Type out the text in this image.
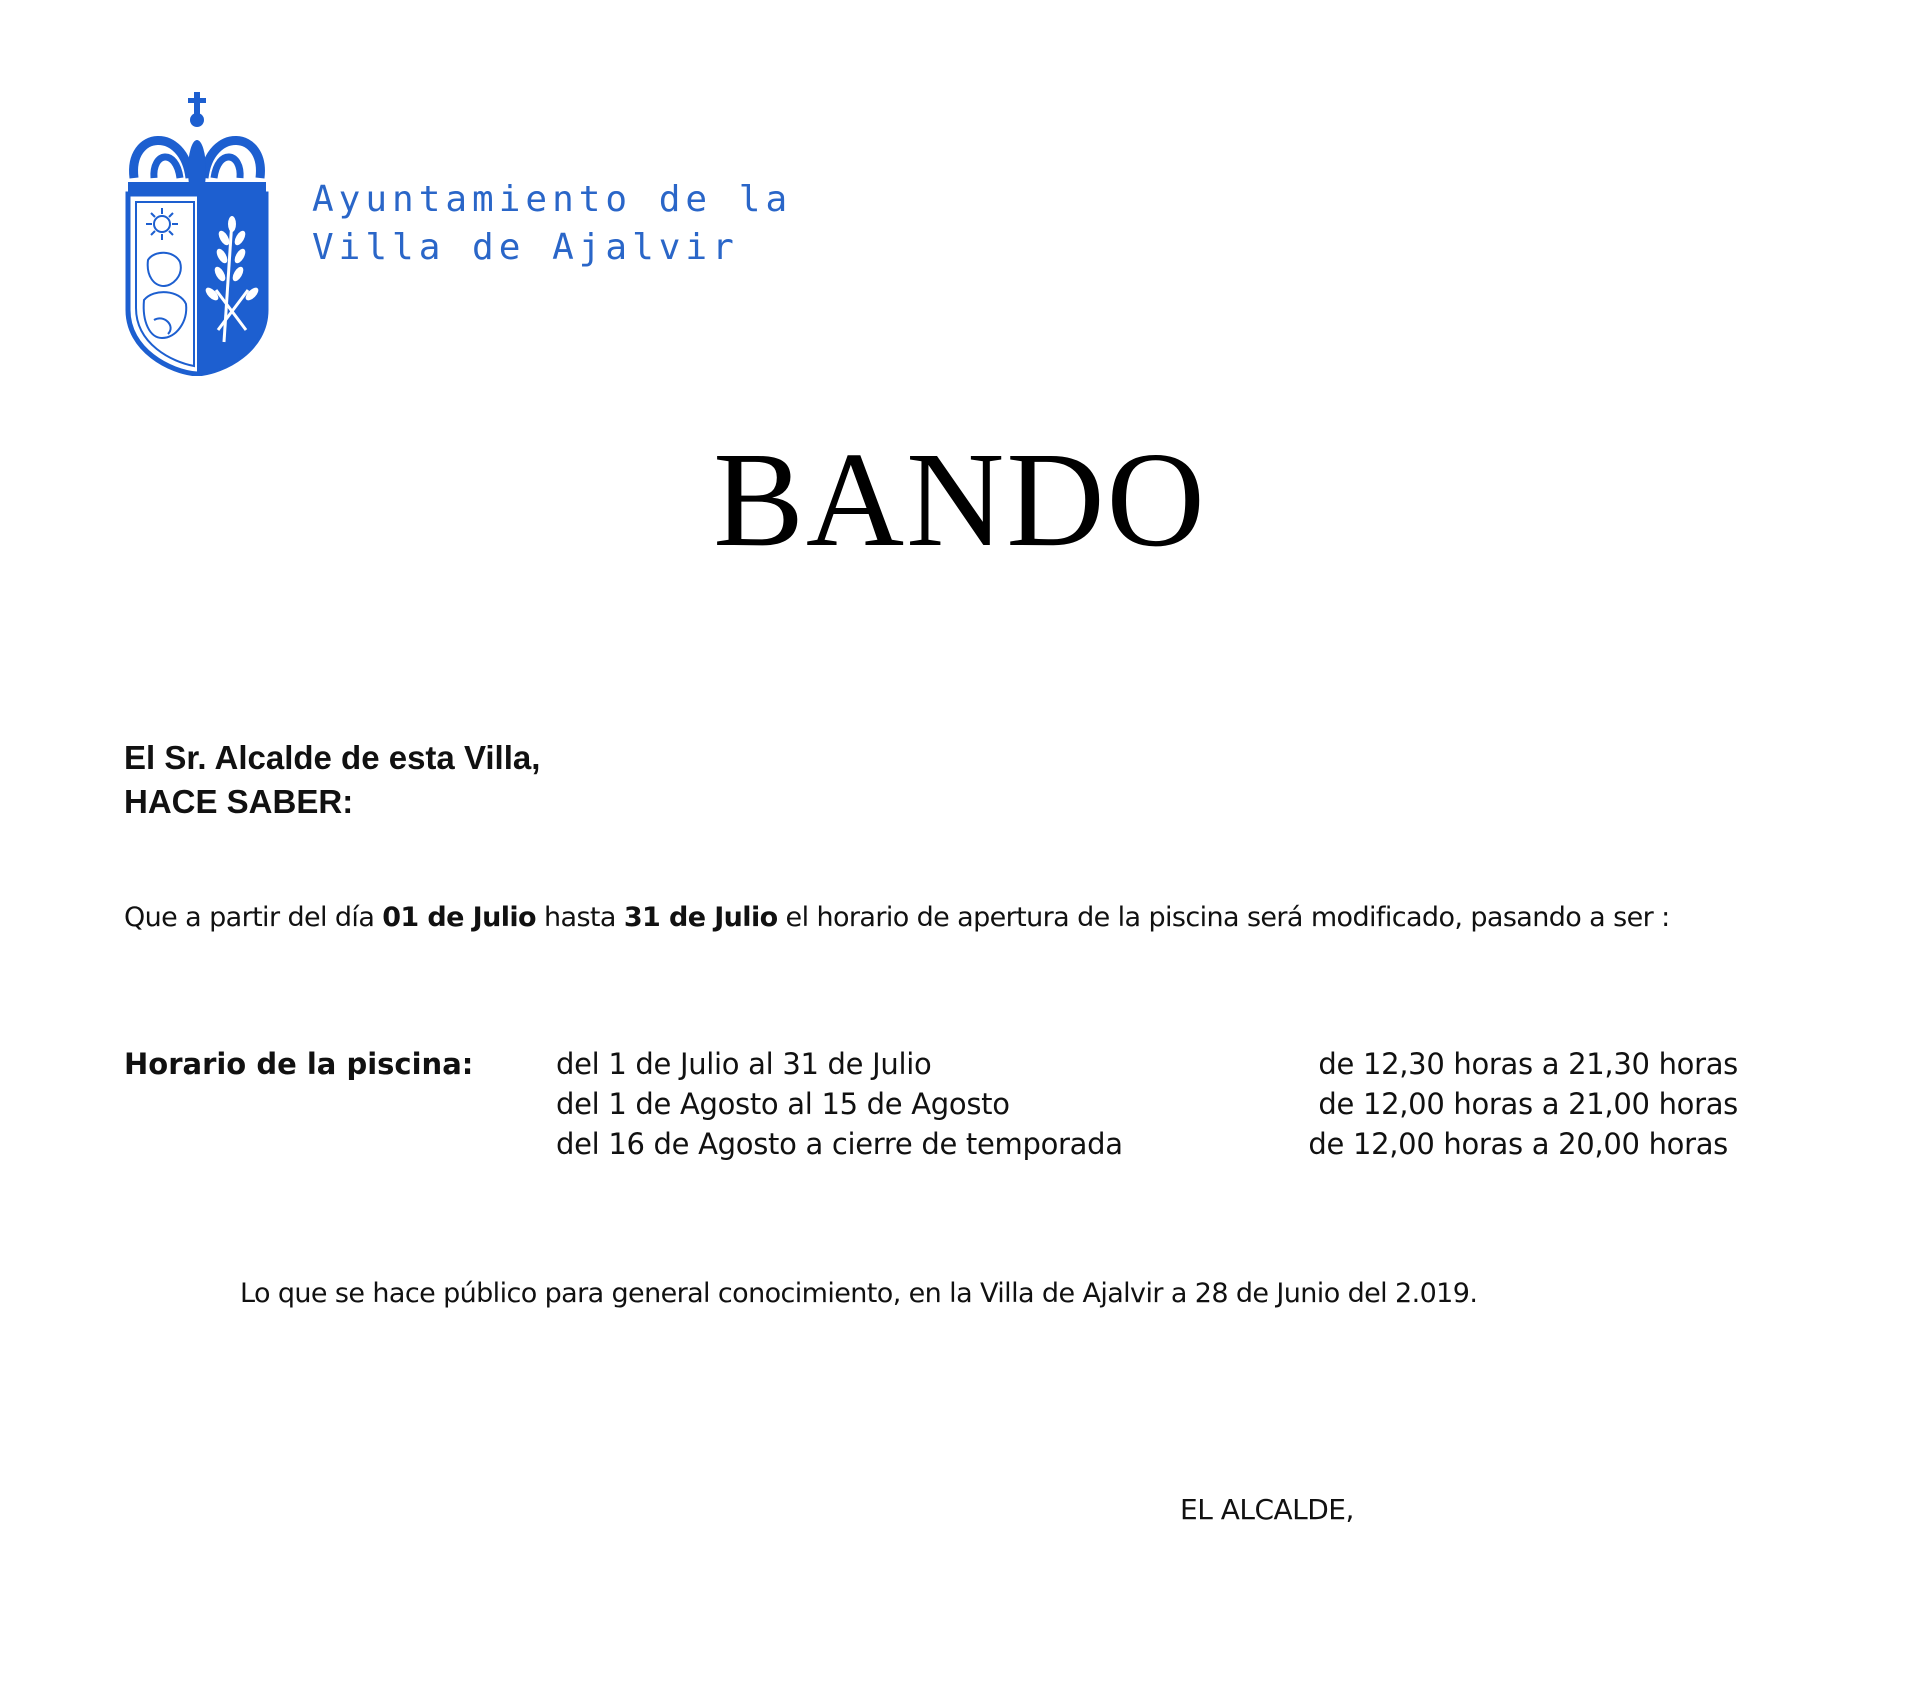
Ayuntamiento de la
Villa de Ajalvir
BANDO
El Sr. Alcalde de esta Villa,
HACE SABER:
Que a partir del día 01 de Julio hasta 31 de Julio el horario de apertura de la piscina será modificado, pasando a ser :
Horario de la piscina:	del 1 de Julio al 31 de Julio	de 12,30 horas a 21,30 horas
del 1 de Agosto al 15 de Agosto	de 12,00 horas a 21,00 horas
del 16 de Agosto a cierre de temporada	de 12,00 horas a 20,00 horas
Lo que se hace público para general conocimiento, en la Villa de Ajalvir a 28 de Junio del 2.019.
EL ALCALDE,
